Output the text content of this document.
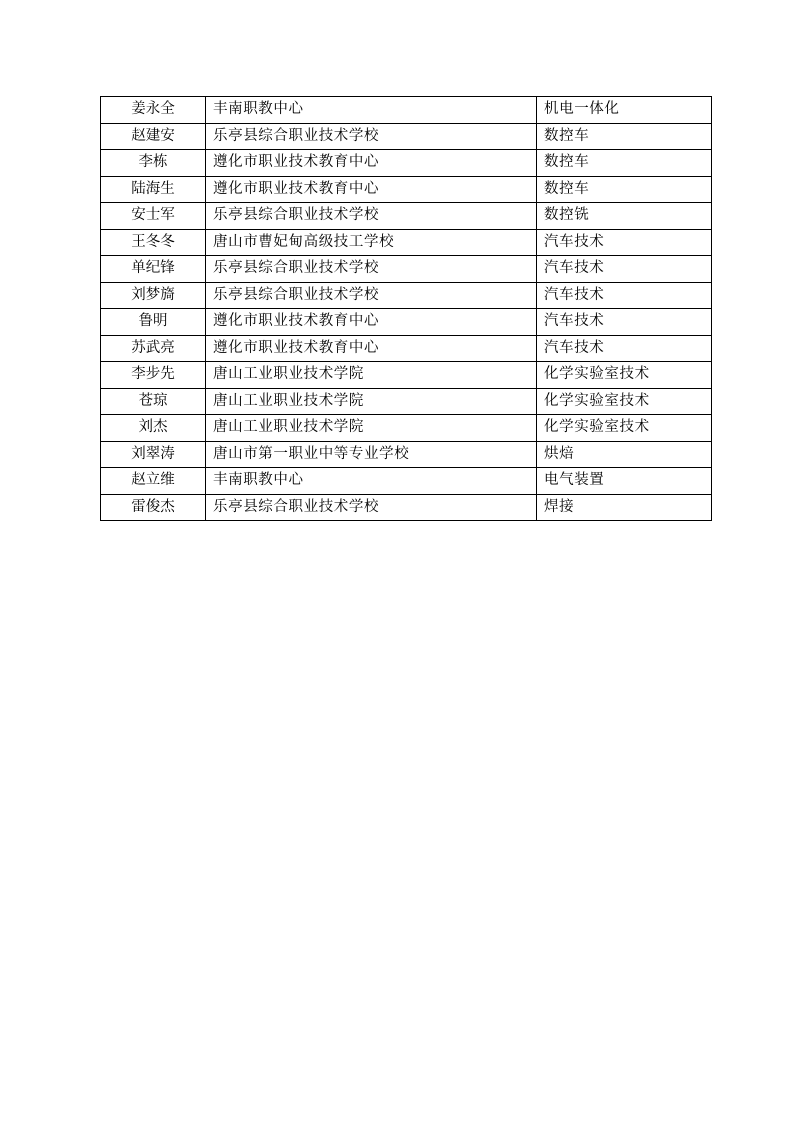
姜永全	丰南职教中心	机电一体化
赵建安	乐亭县综合职业技术学校	数控车
李栋	遵化市职业技术教育中心	数控车
陆海生	遵化市职业技术教育中心	数控车
安士军	乐亭县综合职业技术学校	数控铣
王冬冬	唐山市曹妃甸高级技工学校	汽车技术
单纪锋	乐亭县综合职业技术学校	汽车技术
刘梦旖	乐亭县综合职业技术学校	汽车技术
鲁明	遵化市职业技术教育中心	汽车技术
苏武亮	遵化市职业技术教育中心	汽车技术
李步先	唐山工业职业技术学院	化学实验室技术
苍琼	唐山工业职业技术学院	化学实验室技术
刘杰	唐山工业职业技术学院	化学实验室技术
刘翠涛	唐山市第一职业中等专业学校	烘焙
赵立维	丰南职教中心	电气装置
雷俊杰	乐亭县综合职业技术学校	焊接
